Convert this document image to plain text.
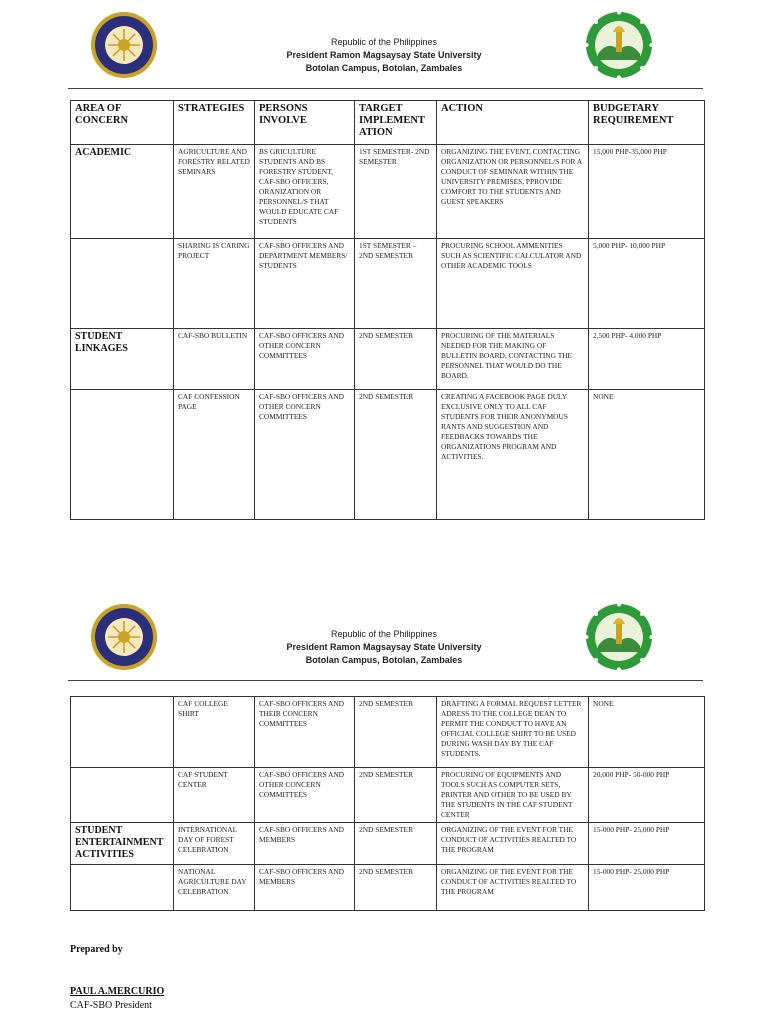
Republic of the Philippines
President Ramon Magsaysay State University
Botolan Campus, Botolan, Zambales
AREA OF CONCERN	STRATEGIES	PERSONS INVOLVE	TARGET IMPLEMENT ATION	ACTION	BUDGETARY REQUIREMENT
ACADEMIC	AGRICULTURE AND FORESTRY RELATED SEMINARS	BS GRICULTURE STUDENTS AND BS FORESTRY STUDENT, CAF-SBO OFFICERS, ORANIZATION OR PERSONNEL/S THAT WOULD EDUCATE CAF STUDENTS	1ST SEMESTER- 2ND SEMESTER	ORGANIZING THE EVENT, CONTACTING ORGANIZATION OR PERSONNEL/S FOR A CONDUCT OF SEMINNAR WITHIN THE UNIVERSITY PREMISES, PPROVIDE COMFORT TO THE STUDENTS AND GUEST SPEAKERS	15,000 PHP-35,000 PHP
	SHARING IS CARING PROJECT	CAF-SBO OFFICERS AND DEPARTMENT MEMBERS/ STUDENTS	1ST SEMESTER – 2ND SEMESTER	PROCURING SCHOOL AMMENITIES SUCH AS SCIENTIFIC CALCULATOR AND OTHER ACADEMIC TOOLS	5,000 PHP- 10,000 PHP
STUDENT LINKAGES	CAF-SBO BULLETIN	CAF-SBO OFFICERS AND OTHER CONCERN COMMITTEES	2ND SEMESTER	PROCURING OF THE MATERIALS NEEDED FOR THE MAKING OF BULLETIN BOARD, CONTACTING THE PERSONNEL THAT WOULD DO THE BOARD.	2,500 PHP- 4,000 PHP
	CAF CONFESSION PAGE	CAF-SBO OFFICERS AND OTHER CONCERN COMMITTEES	2ND SEMESTER	CREATING A FACEBOOK PAGE DULY EXCLUSIVE ONLY TO ALL CAF STUDENTS FOR THEIR ANONYMOUS RANTS AND SUGGESTION AND FEEDBACKS TOWARDS THE ORGANIZATIONS PROGRAM AND ACTIVITIES.	NONE
Republic of the Philippines
President Ramon Magsaysay State University
Botolan Campus, Botolan, Zambales
	CAF COLLEGE SHIRT	CAF-SBO OFFICERS AND THEIR CONCERN COMMITTEES	2ND SEMESTER	DRAFTING A FORMAL REQUEST LETTER ADRESS TO THE COLLEGE DEAN TO PERMIT THE CONDUCT TO HAVE AN OFFICIAL COLLEGE SHIRT TO BE USED DURING WASH DAY BY THE CAF STUDENTS.	NONE
	CAF STUDENT CENTER	CAF-SBO OFFICERS AND OTHER CONCERN COMMITTEES	2ND SEMESTER	PROCURING OF EQUIPMENTS AND TOOLS SUCH AS COMPUTER SETS, PRINTER AND OTHER TO BE USED BY THE STUDENTS IN THE CAF STUDENT CENTER	20,000 PHP- 50-000 PHP
STUDENT ENTERTAINMENT ACTIVITIES	INTERNATIONAL DAY OF FOREST CELEBRATION	CAF-SBO OFFICERS AND MEMBERS	2ND SEMESTER	ORGANIZING OF THE EVENT FOR THE CONDUCT OF ACTIVITIES REALTED TO THE PROGRAM	15-000 PHP- 25,000 PHP
	NATIONAL AGRICULTURE DAY CELEBRATION	CAF-SBO OFFICERS AND MEMBERS	2ND SEMESTER	ORGANIZING OF THE EVENT FOR THE CONDUCT OF ACTIVITIES REALTED TO THE PROGRAM	15-000 PHP- 25,000 PHP
Prepared by
PAUL A.MERCURIO
CAF-SBO President
